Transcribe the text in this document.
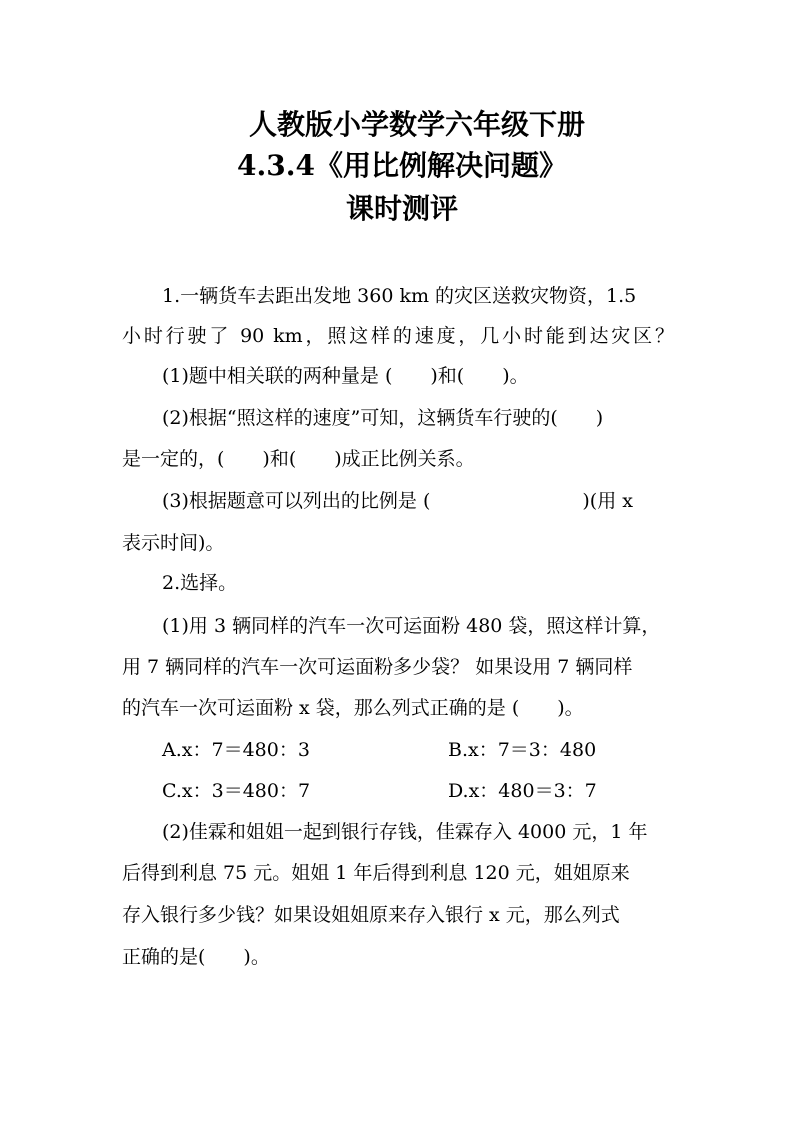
人教版小学数学六年级下册
4.3.4《用比例解决问题》
课时测评
1.一辆货车去距出发地 360 km 的灾区送救灾物资，1.5
小时行驶了 90 km，照这样的速度，几小时能到达灾区？
(1)题中相关联的两种量是 (　　)和(　　)。
(2)根据“照这样的速度”可知，这辆货车行驶的(　　)
是一定的，(　　)和(　　)成正比例关系。
(3)根据题意可以列出的比例是 (　　　　　　　　)(用 x
表示时间)。
2.选择。
(1)用 3 辆同样的汽车一次可运面粉 480 袋，照这样计算，
用 7 辆同样的汽车一次可运面粉多少袋？ 如果设用 7 辆同样
的汽车一次可运面粉 x 袋，那么列式正确的是 (　　)。
A.x：7＝480：3	B.x：7＝3：480
C.x：3＝480：7	D.x：480＝3：7
(2)佳霖和姐姐一起到银行存钱，佳霖存入 4000 元，1 年
后得到利息 75 元。姐姐 1 年后得到利息 120 元，姐姐原来
存入银行多少钱？如果设姐姐原来存入银行 x 元，那么列式
正确的是(　　)。
